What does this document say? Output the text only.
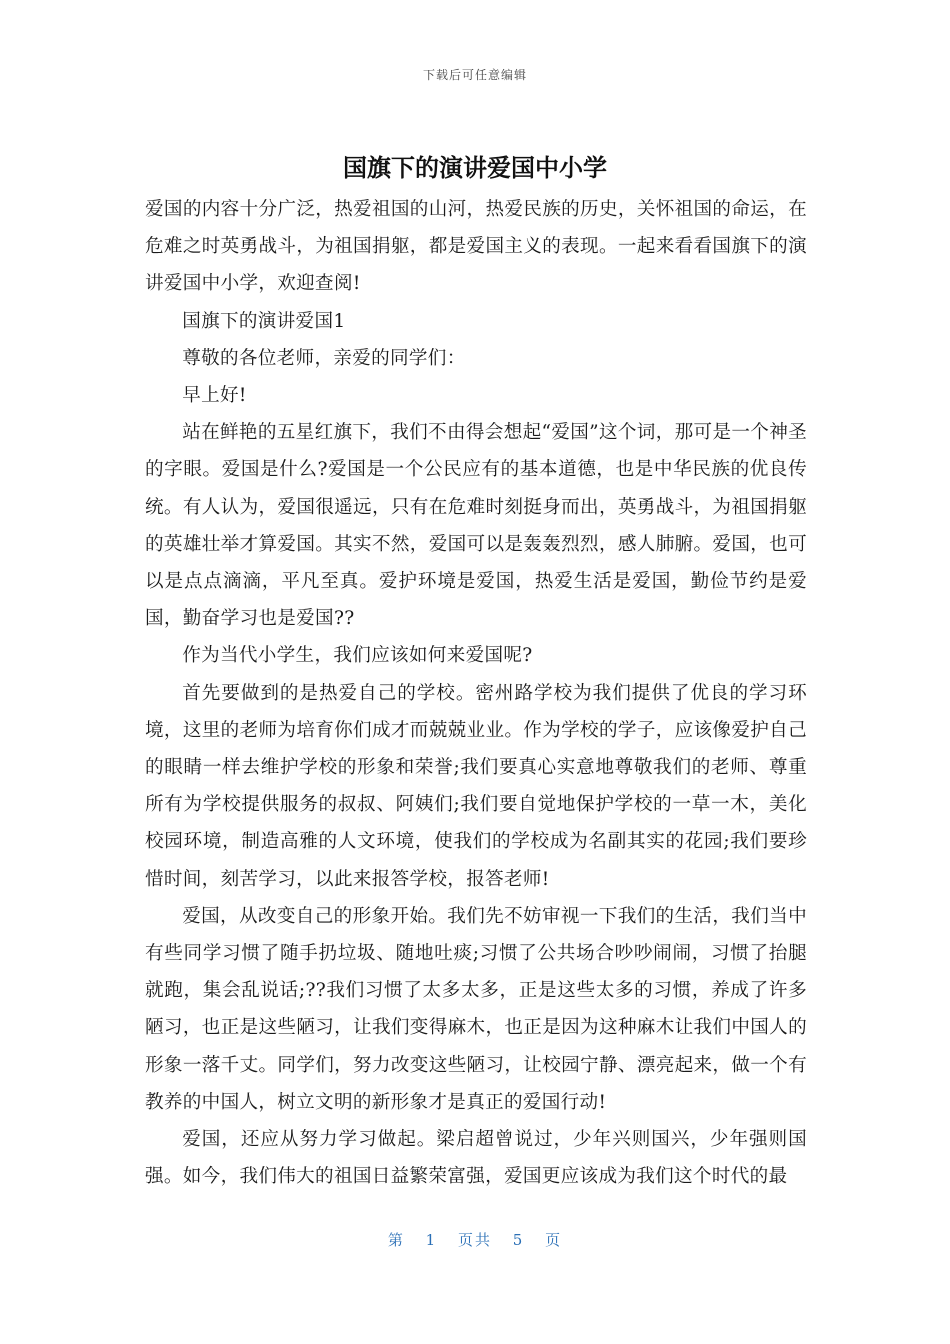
下载后可任意编辑
国旗下的演讲爱国中小学

爱国的内容十分广泛，热爱祖国的山河，热爱民族的历史，关怀祖国的命运，在危难之时英勇战斗，为祖国捐躯，都是爱国主义的表现。一起来看看国旗下的演讲爱国中小学，欢迎查阅!

国旗下的演讲爱国1

尊敬的各位老师，亲爱的同学们：

早上好!

站在鲜艳的五星红旗下，我们不由得会想起“爱国”这个词，那可是一个神圣的字眼。爱国是什么?爱国是一个公民应有的基本道德，也是中华民族的优良传统。有人认为，爱国很遥远，只有在危难时刻挺身而出，英勇战斗，为祖国捐躯的英雄壮举才算爱国。其实不然，爱国可以是轰轰烈烈，感人肺腑。爱国，也可以是点点滴滴，平凡至真。爱护环境是爱国，热爱生活是爱国，勤俭节约是爱国，勤奋学习也是爱国??

作为当代小学生，我们应该如何来爱国呢?

首先要做到的是热爱自己的学校。密州路学校为我们提供了优良的学习环境，这里的老师为培育你们成才而兢兢业业。作为学校的学子，应该像爱护自己的眼睛一样去维护学校的形象和荣誉;我们要真心实意地尊敬我们的老师、尊重所有为学校提供服务的叔叔、阿姨们;我们要自觉地保护学校的一草一木，美化校园环境，制造高雅的人文环境，使我们的学校成为名副其实的花园;我们要珍惜时间，刻苦学习，以此来报答学校，报答老师!

爱国，从改变自己的形象开始。我们先不妨审视一下我们的生活，我们当中有些同学习惯了随手扔垃圾、随地吐痰;习惯了公共场合吵吵闹闹，习惯了抬腿就跑，集会乱说话;??我们习惯了太多太多，正是这些太多的习惯，养成了许多陋习，也正是这些陋习，让我们变得麻木，也正是因为这种麻木让我们中国人的形象一落千丈。同学们，努力改变这些陋习，让校园宁静、漂亮起来，做一个有教养的中国人，树立文明的新形象才是真正的爱国行动!

爱国，还应从努力学习做起。梁启超曾说过，少年兴则国兴，少年强则国强。如今，我们伟大的祖国日益繁荣富强，爱国更应该成为我们这个时代的最

第 1 页共 5 页
